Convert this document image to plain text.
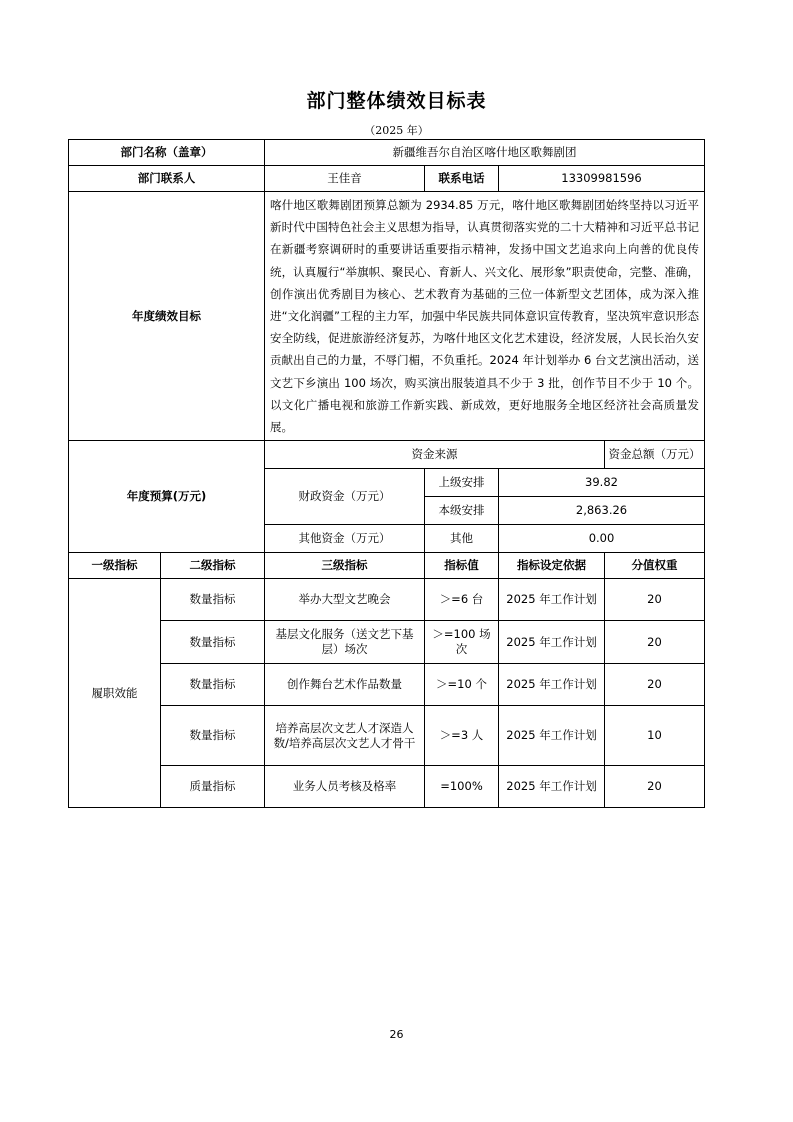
部门整体绩效目标表
（2025 年）
部门名称（盖章）		新疆维吾尔自治区喀什地区歌舞剧团			
部门联系人		王佳音	联系电话	13309981596	
年度绩效目标		喀什地区歌舞剧团预算总额为 2934.85 万元，喀什地区歌舞剧团始终坚持以习近平新时代中国特色社会主义思想为指导，认真贯彻落实党的二十大精神和习近平总书记在新疆考察调研时的重要讲话重要指示精神，发扬中国文艺追求向上向善的优良传统，认真履行“举旗帜、聚民心、育新人、兴文化、展形象”职责使命，完整、准确，创作演出优秀剧目为核心、艺术教育为基础的三位一体新型文艺团体，成为深入推进“文化润疆”工程的主力军，加强中华民族共同体意识宣传教育，坚决筑牢意识形态安全防线，促进旅游经济复苏，为喀什地区文化艺术建设，经济发展，人民长治久安贡献出自己的力量，不辱门楣，不负重托。2024 年计划举办 6 台文艺演出活动，送文艺下乡演出 100 场次，购买演出服装道具不少于 3 批，创作节目不少于 10 个。以文化广播电视和旅游工作新实践、新成效，更好地服务全地区经济社会高质量发展。			
年度预算(万元)		资金来源			资金总额（万元）
		财政资金（万元）	上级安排	39.82	
			本级安排	2,863.26	
		其他资金（万元）	其他	0.00	
一级指标	二级指标	三级指标	指标值	指标设定依据	分值权重
履职效能	数量指标	举办大型文艺晚会	＞=6 台	2025 年工作计划	20
	数量指标	基层文化服务（送文艺下基层）场次	＞=100 场次	2025 年工作计划	20
	数量指标	创作舞台艺术作品数量	＞=10 个	2025 年工作计划	20
	数量指标	培养高层次文艺人才深造人数/培养高层次文艺人才骨干	＞=3 人	2025 年工作计划	10
	质量指标	业务人员考核及格率	=100%	2025 年工作计划	20
26
